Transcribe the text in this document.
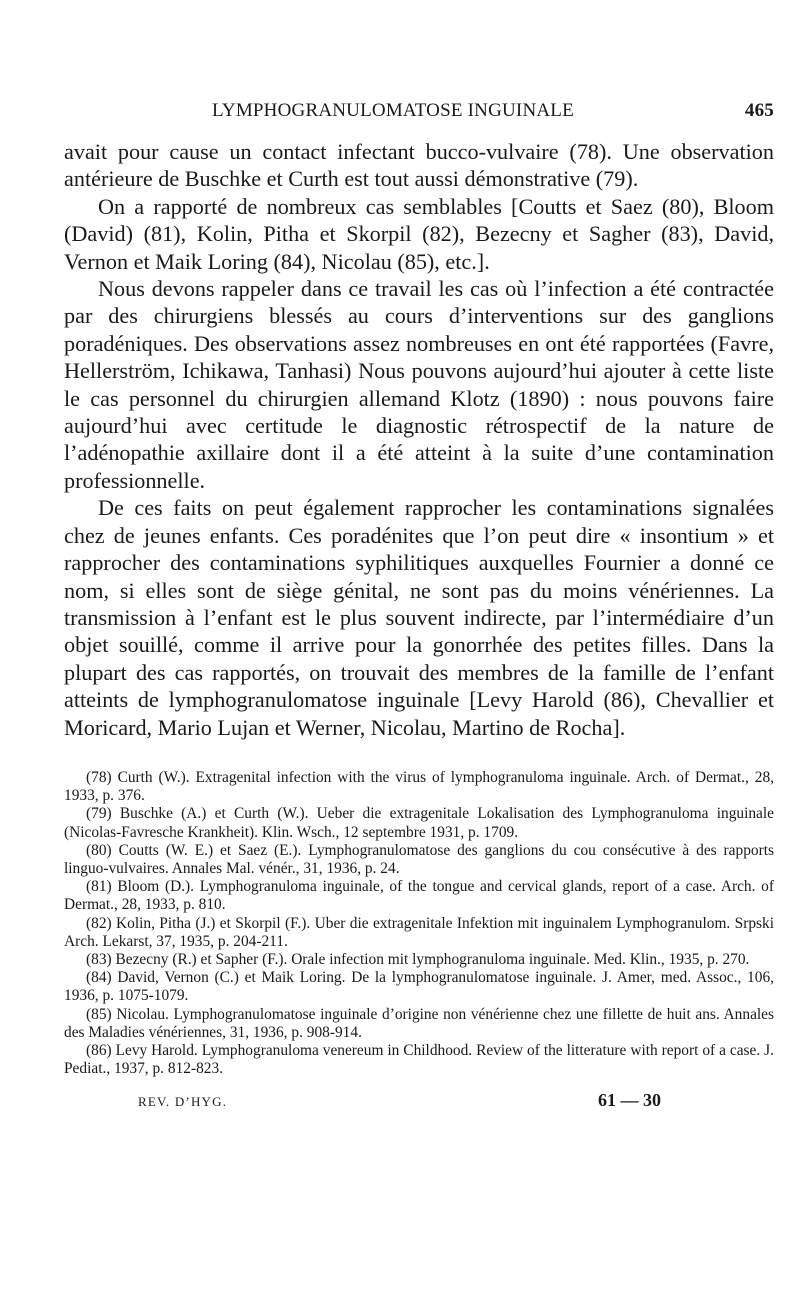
LYMPHOGRANULOMATOSE INGUINALE	465

avait pour cause un contact infectant bucco-vulvaire (78). Une observation antérieure de Buschke et Curth est tout aussi démonstrative (79).

On a rapporté de nombreux cas semblables [Coutts et Saez (80), Bloom (David) (81), Kolin, Pitha et Skorpil (82), Bezecny et Sagher (83), David, Vernon et Maik Loring (84), Nicolau (85), etc.].

Nous devons rappeler dans ce travail les cas où l’infection a été contractée par des chirurgiens blessés au cours d’interventions sur des ganglions poradéniques. Des observations assez nombreuses en ont été rapportées (Favre, Hellerström, Ichikawa, Tanhasi) Nous pouvons aujourd’hui ajouter à cette liste le cas personnel du chirurgien allemand Klotz (1890) : nous pouvons faire aujourd’hui avec certitude le diagnostic rétrospectif de la nature de l’adénopathie axillaire dont il a été atteint à la suite d’une contamination professionnelle.

De ces faits on peut également rapprocher les contaminations signalées chez de jeunes enfants. Ces poradénites que l’on peut dire « insontium » et rapprocher des contaminations syphilitiques auxquelles Fournier a donné ce nom, si elles sont de siège génital, ne sont pas du moins vénériennes. La transmission à l’enfant est le plus souvent indirecte, par l’intermédiaire d’un objet souillé, comme il arrive pour la gonorrhée des petites filles. Dans la plupart des cas rapportés, on trouvait des membres de la famille de l’enfant atteints de lymphogranulomatose inguinale [Levy Harold (86), Chevallier et Moricard, Mario Lujan et Werner, Nicolau, Martino de Rocha].

(78) Curth (W.). Extragenital infection with the virus of lymphogranuloma inguinale. Arch. of Dermat., 28, 1933, p. 376.

(79) Buschke (A.) et Curth (W.). Ueber die extragenitale Lokalisation des Lymphogranuloma inguinale (Nicolas-Favresche Krankheit). Klin. Wsch., 12 septembre 1931, p. 1709.

(80) Coutts (W. E.) et Saez (E.). Lymphogranulomatose des ganglions du cou consécutive à des rapports linguo-vulvaires. Annales Mal. vénér., 31, 1936, p. 24.

(81) Bloom (D.). Lymphogranuloma inguinale, of the tongue and cervical glands, report of a case. Arch. of Dermat., 28, 1933, p. 810.

(82) Kolin, Pitha (J.) et Skorpil (F.). Uber die extragenitale Infektion mit inguinalem Lymphogranulom. Srpski Arch. Lekarst, 37, 1935, p. 204-211.

(83) Bezecny (R.) et Sapher (F.). Orale infection mit lymphogranuloma inguinale. Med. Klin., 1935, p. 270.

(84) David, Vernon (C.) et Maik Loring. De la lymphogranulomatose inguinale. J. Amer, med. Assoc., 106, 1936, p. 1075-1079.

(85) Nicolau. Lymphogranulomatose inguinale d’origine non vénérienne chez une fillette de huit ans. Annales des Maladies vénériennes, 31, 1936, p. 908-914.

(86) Levy Harold. Lymphogranuloma venereum in Childhood. Review of the litterature with report of a case. J. Pediat., 1937, p. 812-823.

REV. D’HYG.	61 — 30
